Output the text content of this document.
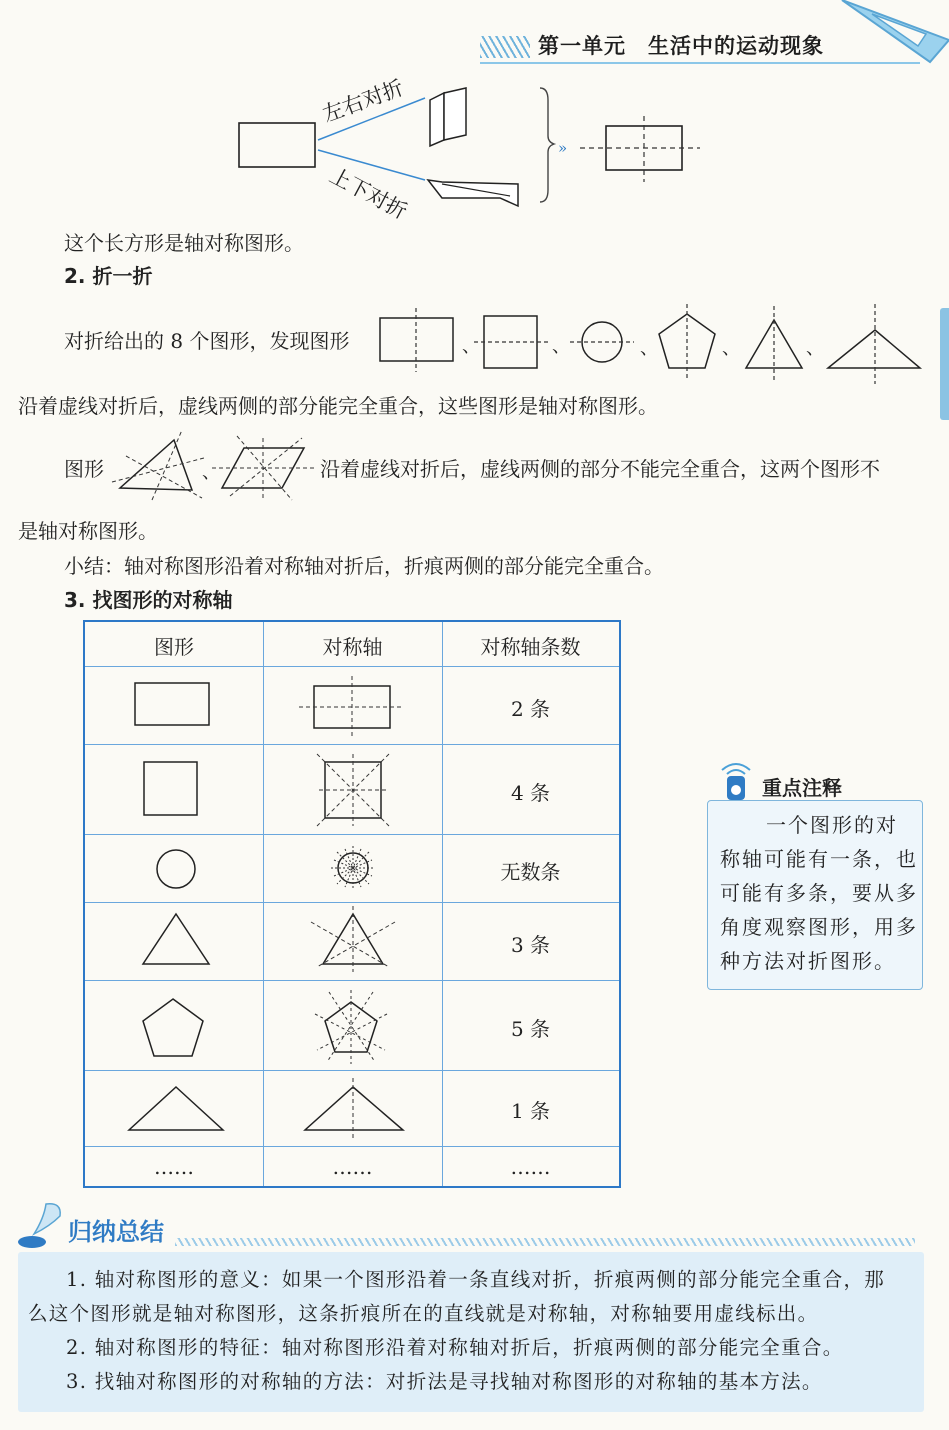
第一单元　生活中的运动现象
左右对折
上下对折
»
这个长方形是轴对称图形。
2. 折一折
对折给出的 8 个图形，发现图形	、	、	、	、	、
沿着虚线对折后，虚线两侧的部分能完全重合，这些图形是轴对称图形。
图形	、	沿着虚线对折后，虚线两侧的部分不能完全重合，这两个图形不
是轴对称图形。
小结：轴对称图形沿着对称轴对折后，折痕两侧的部分能完全重合。
3. 找图形的对称轴
图形	对称轴	对称轴条数
2 条
4 条
无数条
3 条
5 条
1 条
……	……	……
重点注释
一个图形的对
称轴可能有一条，也
可能有多条，要从多
角度观察图形，用多
种方法对折图形。
归纳总结
1. 轴对称图形的意义：如果一个图形沿着一条直线对折，折痕两侧的部分能完全重合，那
么这个图形就是轴对称图形，这条折痕所在的直线就是对称轴，对称轴要用虚线标出。
2. 轴对称图形的特征：轴对称图形沿着对称轴对折后，折痕两侧的部分能完全重合。
3. 找轴对称图形的对称轴的方法：对折法是寻找轴对称图形的对称轴的基本方法。
